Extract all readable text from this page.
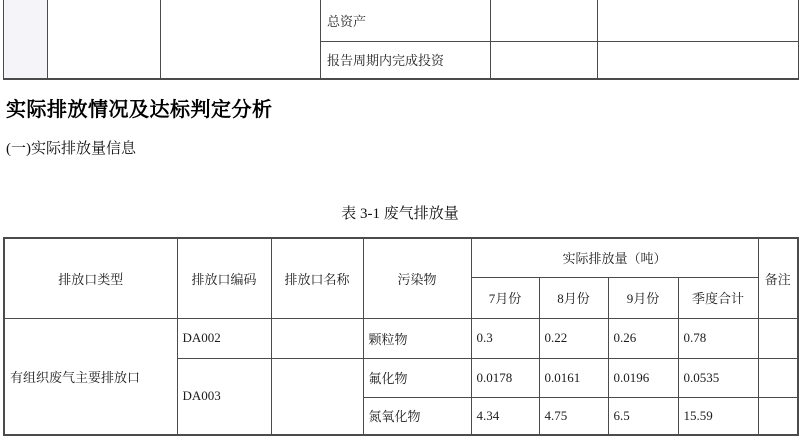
			总资产		
			报告周期内完成投资		
实际排放情况及达标判定分析
(一)实际排放量信息
表 3-1 废气排放量
排放口类型	排放口编码	排放口名称	污染物	实际排放量（吨）				备注
				7月份	8月份	9月份	季度合计	
有组织废气主要排放口	DA002		颗粒物	0.3	0.22	0.26	0.78	
	DA003		氟化物	0.0178	0.0161	0.0196	0.0535	
			氮氧化物	4.34	4.75	6.5	15.59	
